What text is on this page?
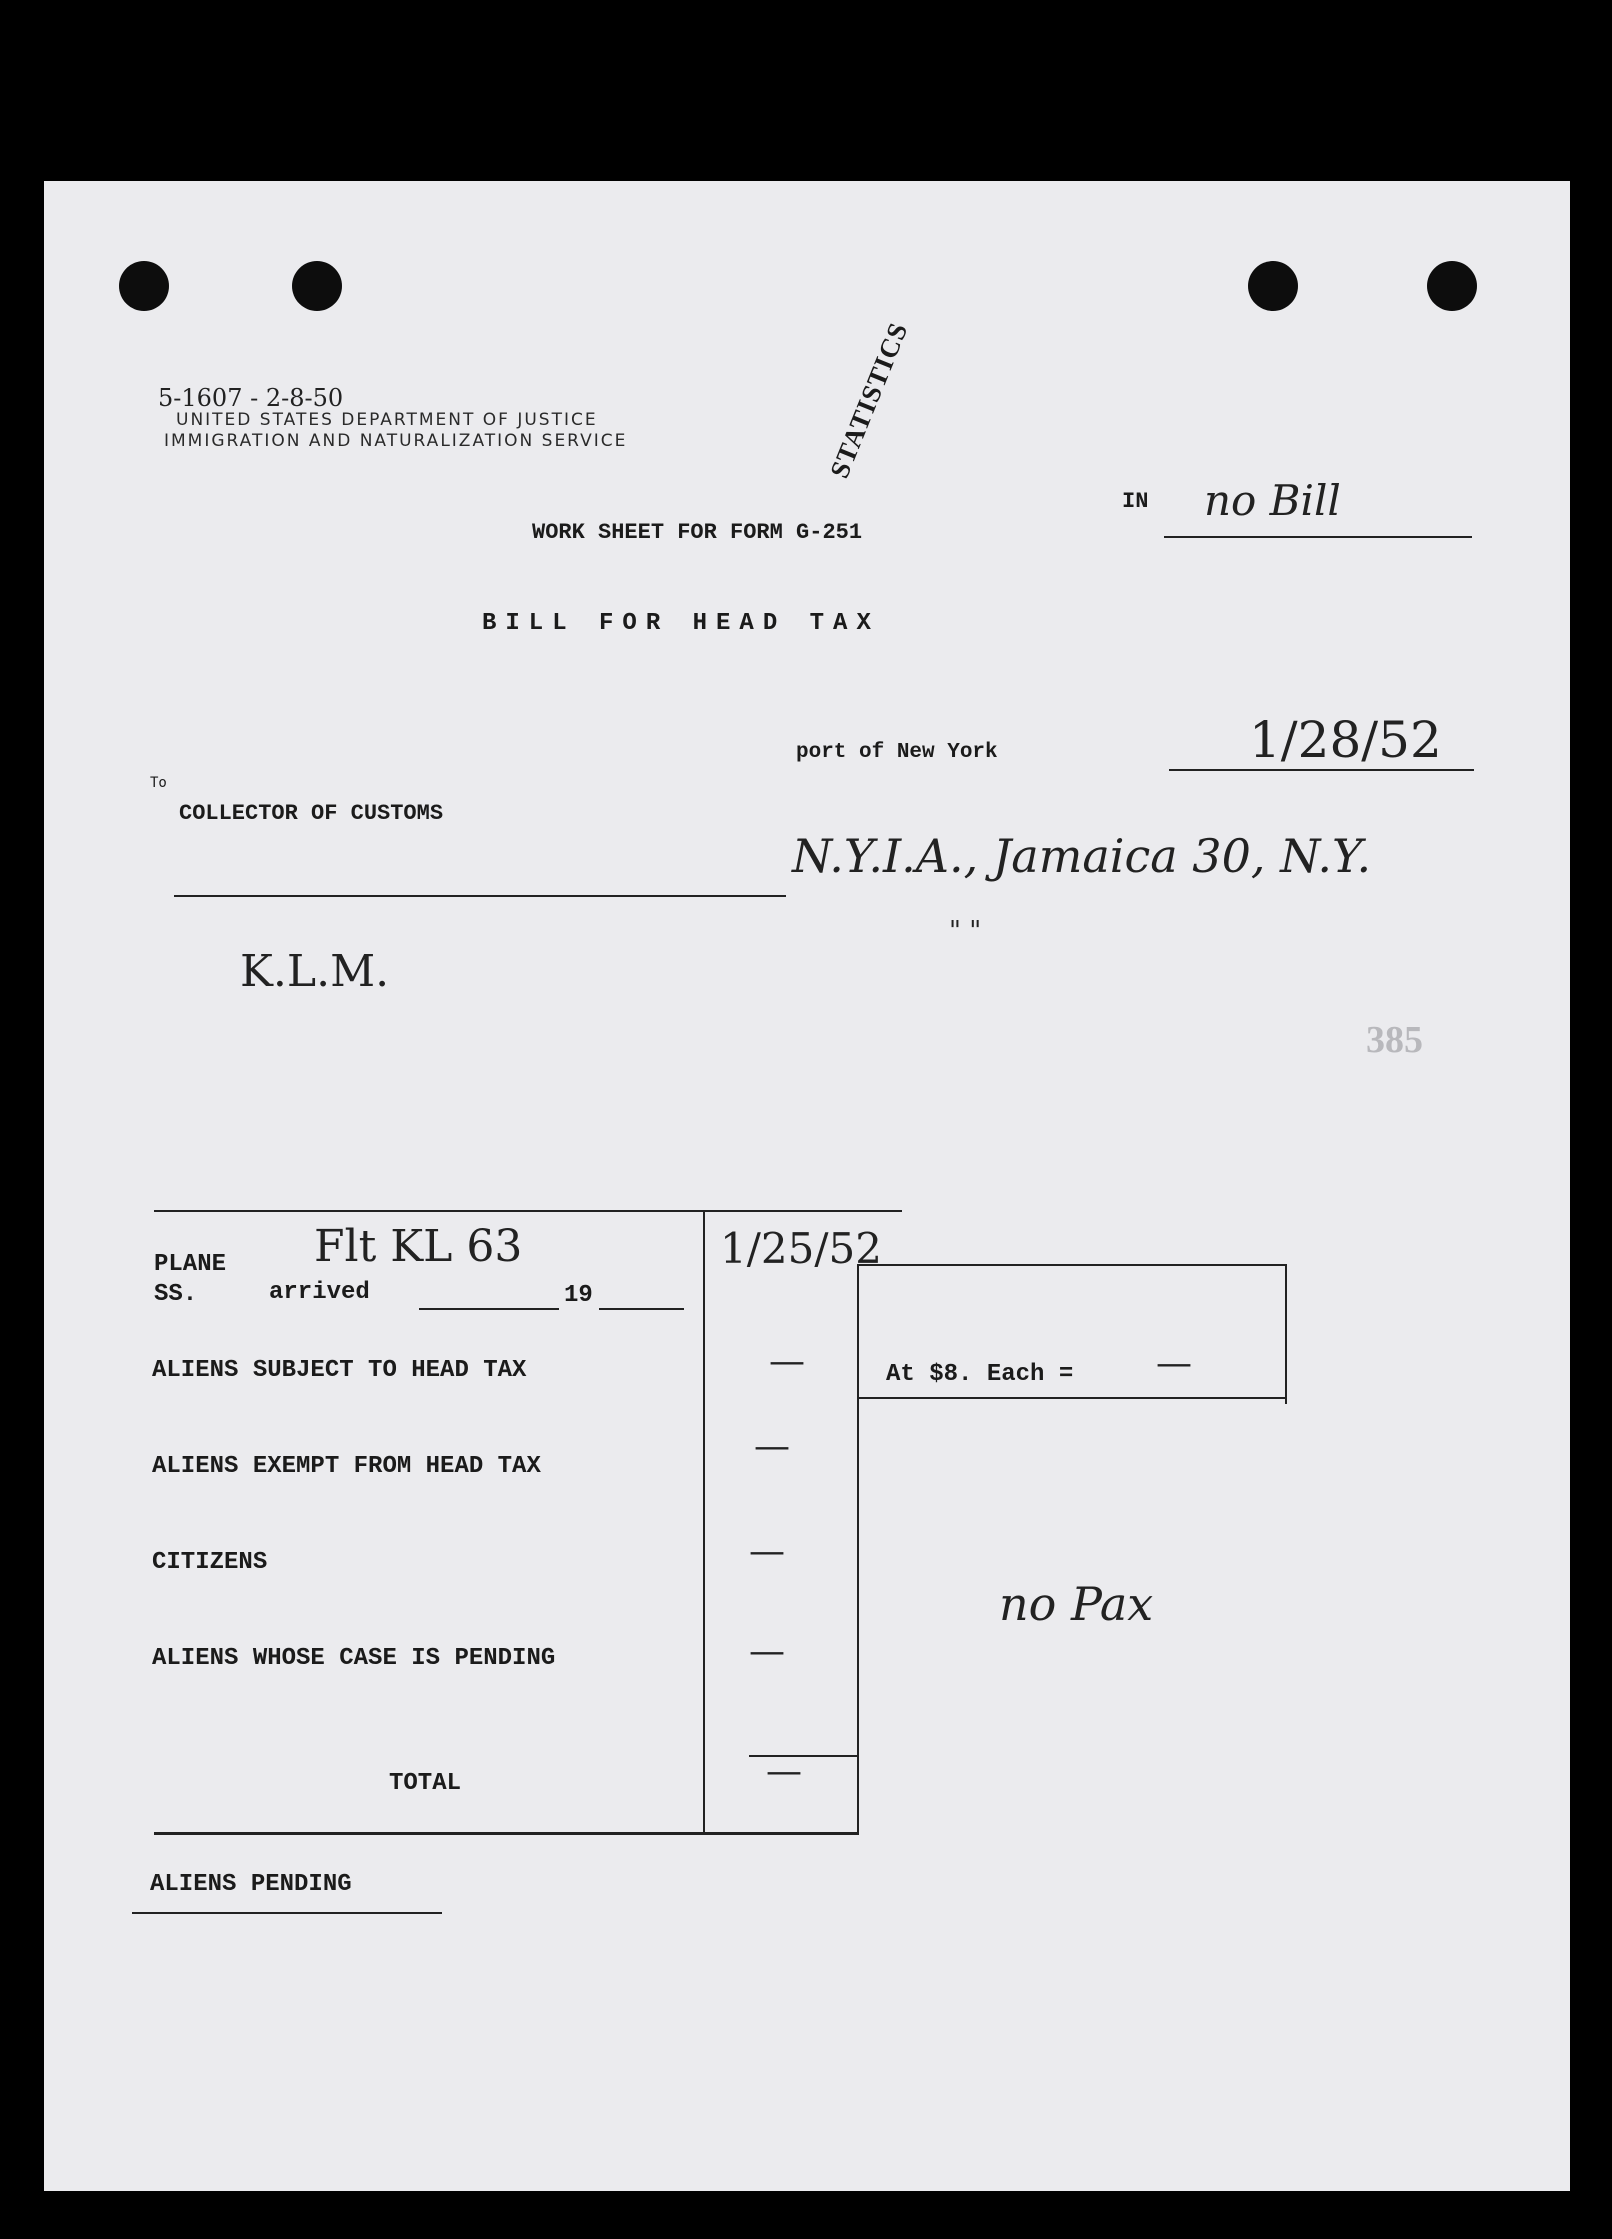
5-1607 - 2-8-50
UNITED STATES DEPARTMENT OF JUSTICE
IMMIGRATION AND NATURALIZATION SERVICE	STATISTICS
IN no Bill
WORK SHEET FOR FORM G-251
BILL FOR HEAD TAX
port of New York	1/28/52
To
COLLECTOR OF CUSTOMS
N.Y.I.A., Jamaica 30, N.Y.
" "
K.L.M.
385
PLANE
SS.
Flt KL 63
arrived	19
1/25/52
ALIENS SUBJECT TO HEAD TAX	—
ALIENS EXEMPT FROM HEAD TAX	—
CITIZENS	—
ALIENS WHOSE CASE IS PENDING	—
TOTAL	—
At $8. Each = —
no Pax
ALIENS PENDING
